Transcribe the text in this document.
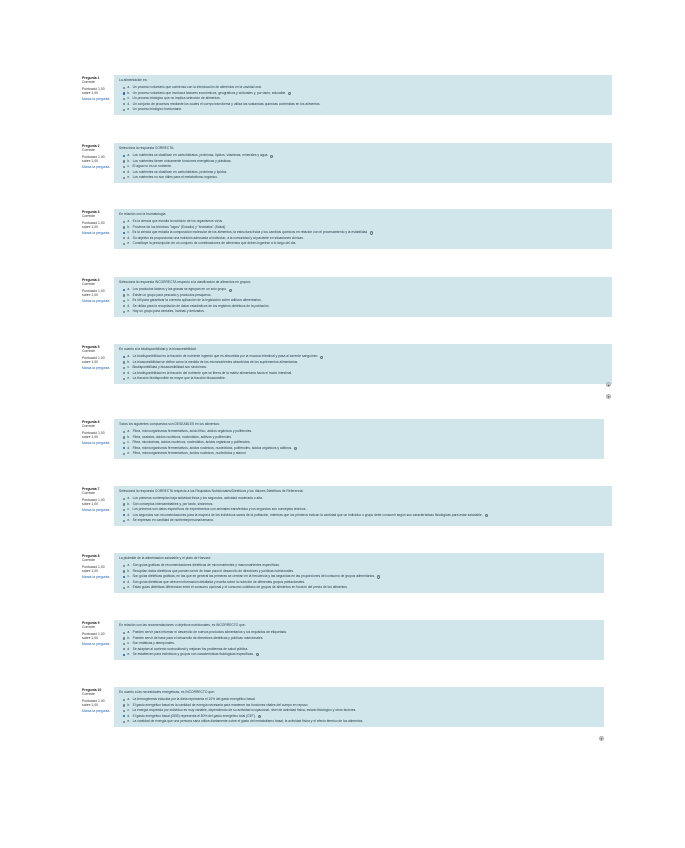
Pregunta 1
Correcte
Puntuació 1,00 sobre 1,00
Marca la pregunta
La alimentación es:
a. Un proceso voluntario que comienza con la introducción de alimentos en la cavidad oral.
b. Un proceso voluntario que involucra factores económicos, geográficos y culturales y, por tanto, educable.	✓
c. Un proceso biológico que no implica selección de alimentos.
d. Un conjunto de procesos mediante los cuales el cuerpo transforma y utiliza las sustancias químicas contenidas en los alimentos.
e. Un proceso biológico involuntario.
Pregunta 2
Correcte
Puntuació 1,00 sobre 1,00
Marca la pregunta
Selecciona la respuesta CORRECTA:
a. Los nutrientes se clasifican en carbohidratos, proteínas, lípidos, vitaminas, minerales y agua.	✓
b. Los nutrientes tienen únicamente funciones energéticas y plásticas.
c. El agua no es un nutriente.
d. Los nutrientes se clasifican en carbohidratos, proteínas y lípidos.
e. Los nutrientes no son útiles para el metabolismo orgánico.
Pregunta 3
Correcte
Puntuació 1,00 sobre 1,00
Marca la pregunta
En relación con la bromatología:
a. Es la ciencia que estudia la nutrición de los organismos vivos.
b. Proviene de los términos "logos" (Estudio) y "bromatos" (Salud).
c. Es la ciencia que estudia la composición molecular de los alimentos, la estructura física y los cambios químicos en relación con el procesamiento y la estabilidad.	✓
d. Su objetivo es proporcionar una nutrición adecuada al individuo, a la comunidad y al paciente en situaciones clínicas.
e. Constituye la prescripción de un conjunto de combinaciones de alimentos que deben ingerirse a lo largo del día.
Pregunta 4
Correcte
Puntuació 1,00 sobre 1,00
Marca la pregunta
Selecciona la respuesta INCORRECTA respecto a la clasificación de alimentos en grupos:
a. Los productos lácteos y las grasas se agrupan en un solo grupo.	✓
b. Existe un grupo para pescado y productos pesqueros.
c. Es útil para garantizar la correcta aplicación de la legislación sobre aditivos alimentarios.
d. Se utiliza para la recopilación de datos estadísticos de los registros dietéticos de la población.
e. Hay un grupo para cereales, harinas y derivados.
Pregunta 5
Correcte
Puntuació 1,00 sobre 1,00
Marca la pregunta
En cuanto a la biodisponibilidad y la bioaccesibilidad:
a. La biodisponibilidad es la fracción de nutriente ingerido que es absorbida por la mucosa intestinal y pasa al torrente sanguíneo.	✓
b. La bioaccesibilidad se define como la medida de los micronutrientes absorbidos de los suplementos alimentarios.
c. Biodisponibilidad y bioaccesibilidad son sinónimos.
d. La biodisponibilidad es la fracción del nutriente que se libera de la matriz alimentaria hacia el tracto intestinal.
e. La fracción biodisponible es mayor que la fracción bioaccesible.
Pregunta 6
Correcte
Puntuació 1,00 sobre 1,00
Marca la pregunta
Todos los siguientes compuestos son DESEABLES en los alimentos:
a. Fibra, microorganismos fermentativos, ácido fítico, ácidos orgánicos y polifenoles.
b. Fibra, oxalatos, ácidos nucleicos, nucleótidos, aditivos y polifenoles.
c. Fibra, micotoxinas, ácidos nucleicos, nucleótidos, ácidos orgánicos y polifenoles.
d. Fibra, microorganismos fermentativos, ácidos nucleicos, nucleótidos, polifenoles, ácidos orgánicos y aditivos.	✓
e. Fibra, microorganismos fermentativos, ácidos nucleicos, nucleótidos y alamol.
Pregunta 7
Correcte
Puntuació 1,00 sobre 1,00
Marca la pregunta
Selecciona la respuesta CORRECTA respecto a los Requisitos Nutricionales/Dietéticos y los Valores Dietéticos de Referencia:
a. Los primeros contemplan baja actividad física y los segundos, actividad moderada o alta.
b. Son conceptos intercambiables y, por tanto, sinónimos.
c. Los primeros son datos específicos de experimentos con animales transferidos y los segundos son conceptos teóricos.
d. Los segundos son recomendaciones para la mayoría de los individuos sanos de la población, mientras que los primeros indican la cantidad que un individuo o grupo debe consumir según sus características fisiológicas para estar saludable.	✓
e. Se expresan en cantidad de nutriente/persona/semana.
Pregunta 8
Correcte
Puntuació 1,00 sobre 1,00
Marca la pregunta
La pirámide de la alimentación saludable y el plato de Harvard:
a. Son guías gráficas de recomendaciones dietéticas de micronutrientes y macronutrientes específicas.
b. Recopilan datos dietéticos que pueden servir de base para el desarrollo de directrices y políticas nutricionales.
c. Son guías dietéticas gráficas, en las que en general las primeras se centran en la frecuencia y las segundas en las proporciones del consumo de grupos alimentarios.	✓
d. Son guías dietéticas que ofrecen información detallada y escrita sobre la nutrición de diferentes grupos poblacionales.
e. Estas guías dietéticas diferencian entre el consumo opcional y el consumo cotidiano de grupos de alimentos en función del precio de los alimentos.
Pregunta 9
Correcte
Puntuació 1,00 sobre 1,00
Marca la pregunta
En relación con las recomendaciones u objetivos nutricionales, es INCORRECTO que:
a. Pueden servir para informar el desarrollo de nuevos productos alimentarios y los requisitos de etiquetado.
b. Pueden servir de base para el desarrollo de directrices dietéticas y políticas nutricionales.
c. Son estáticas y atemporales.
d. Se adaptan al contexto sociocultural y mejoran los problemas de salud pública.
e. Se establecen para individuos y grupos con características fisiológicas específicas.	✓
Pregunta 10
Correcte
Puntuació 1,00 sobre 1,00
Marca la pregunta
En cuanto a las necesidades energéticas, es INCORRECTO que:
a. La termogénesis inducida por la dieta representa el 10% del gasto energético basal.
b. El gasto energético basal es la cantidad de energía necesaria para mantener las funciones vitales del cuerpo en reposo.
c. La energía requerida por individuo es muy variable, dependiendo de su actividad ocupacional, nivel de actividad física, estado fisiológico y otros factores.
d. El gasto energético basal (GEB) representa el 80% del gasto energético total (GET).	✓
e. La cantidad de energía que una persona sana utiliza diariamente cubre el gasto del metabolismo basal, la actividad física y el efecto térmico de los alimentos.
▲
▼
▼
